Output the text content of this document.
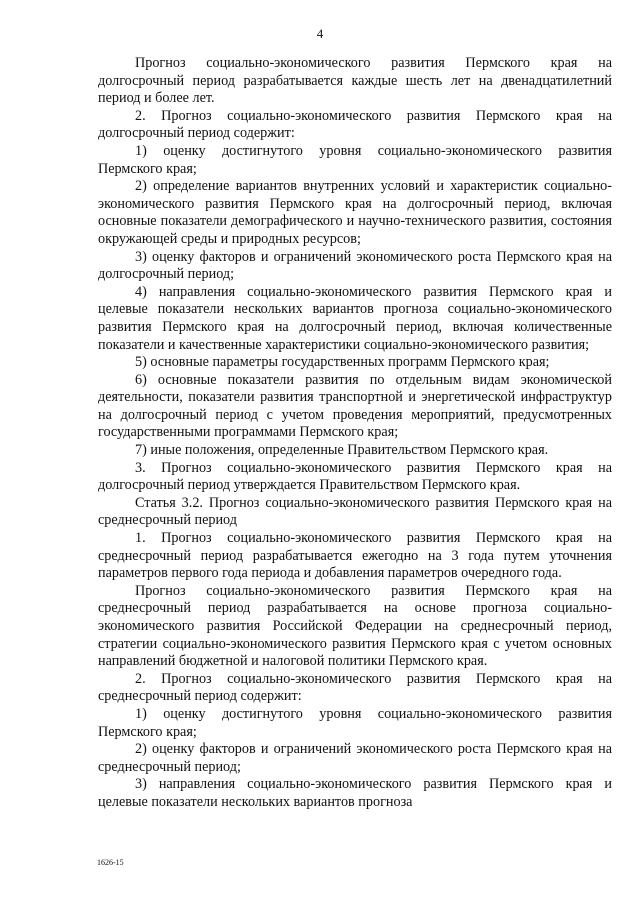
4

Прогноз социально-экономического развития Пермского края на долгосрочный период разрабатывается каждые шесть лет на двенадцатилетний период и более лет.

2. Прогноз социально-экономического развития Пермского края на долгосрочный период содержит:

1) оценку достигнутого уровня социально-экономического развития Пермского края;

2) определение вариантов внутренних условий и характеристик социально-экономического развития Пермского края на долгосрочный период, включая основные показатели демографического и научно-технического развития, состояния окружающей среды и природных ресурсов;

3) оценку факторов и ограничений экономического роста Пермского края на долгосрочный период;

4) направления социально-экономического развития Пермского края и целевые показатели нескольких вариантов прогноза социально-экономического развития Пермского края на долгосрочный период, включая количественные показатели и качественные характеристики социально-экономического развития;

5) основные параметры государственных программ Пермского края;

6) основные показатели развития по отдельным видам экономической деятельности, показатели развития транспортной и энергетической инфраструктур на долгосрочный период с учетом проведения мероприятий, предусмотренных государственными программами Пермского края;

7) иные положения, определенные Правительством Пермского края.

3. Прогноз социально-экономического развития Пермского края на долгосрочный период утверждается Правительством Пермского края.

Статья 3.2. Прогноз социально-экономического развития Пермского края на среднесрочный период

1. Прогноз социально-экономического развития Пермского края на среднесрочный период разрабатывается ежегодно на 3 года путем уточнения параметров первого года периода и добавления параметров очередного года.

Прогноз социально-экономического развития Пермского края на среднесрочный период разрабатывается на основе прогноза социально-экономического развития Российской Федерации на среднесрочный период, стратегии социально-экономического развития Пермского края с учетом основных направлений бюджетной и налоговой политики Пермского края.

2. Прогноз социально-экономического развития Пермского края на среднесрочный период содержит:

1) оценку достигнутого уровня социально-экономического развития Пермского края;

2) оценку факторов и ограничений экономического роста Пермского края на среднесрочный период;

3) направления социально-экономического развития Пермского края и целевые показатели нескольких вариантов прогноза

1626-15
